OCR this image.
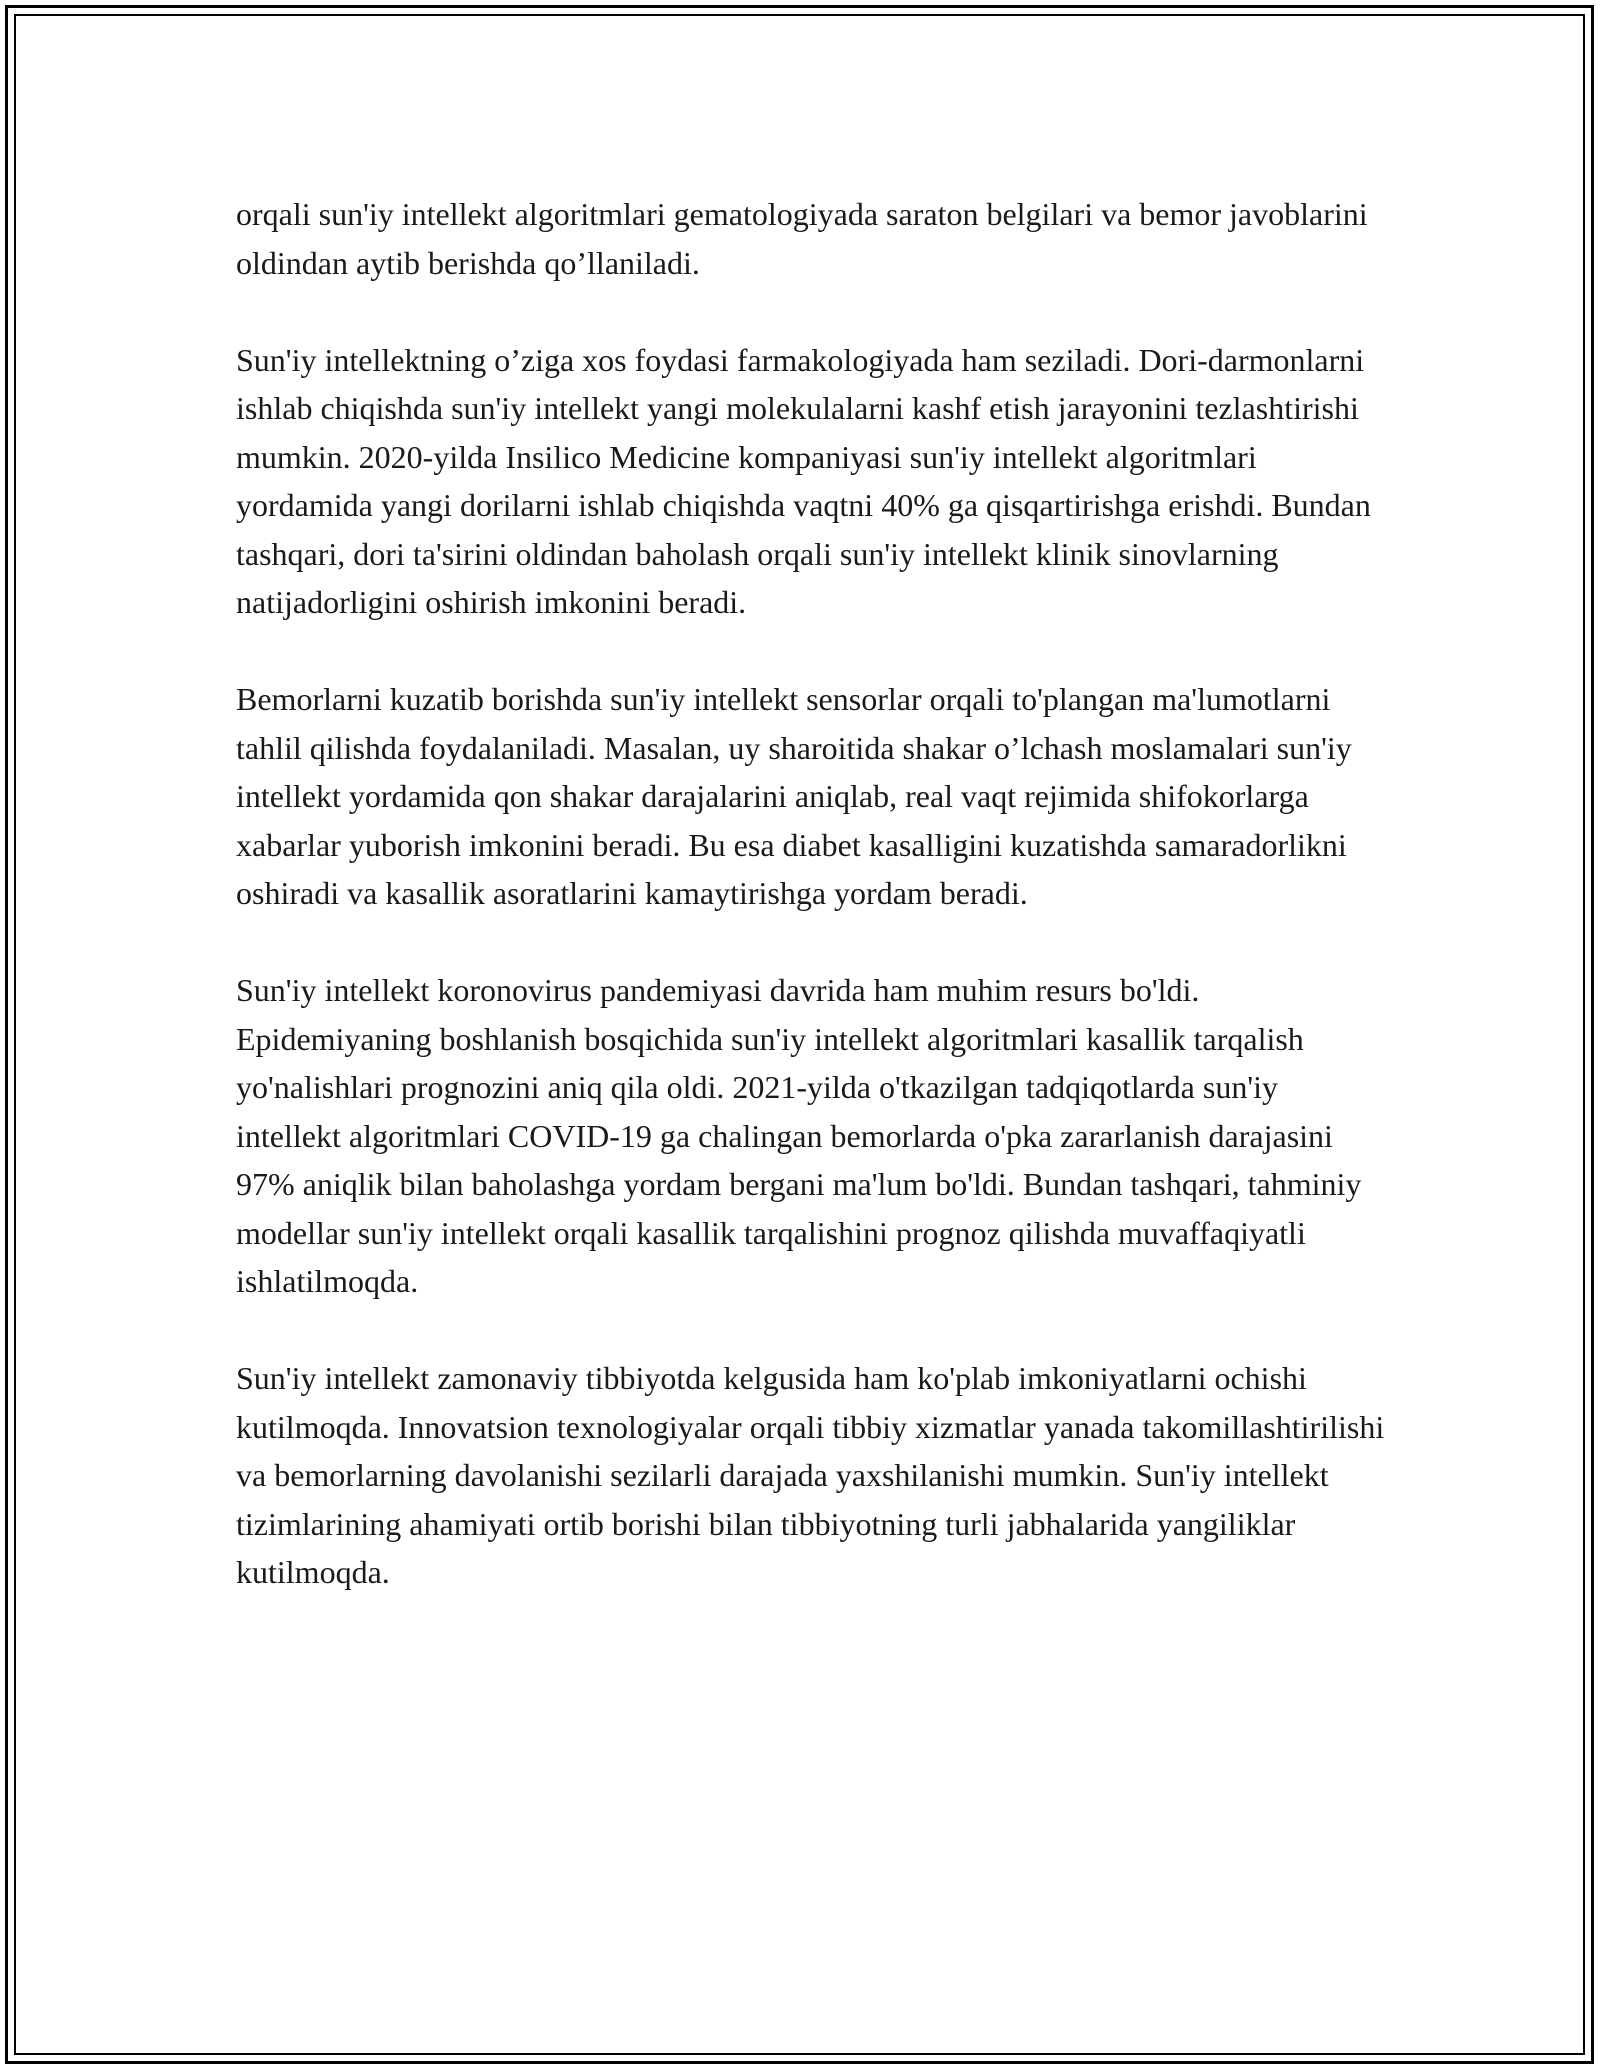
orqali sun'iy intellekt algoritmlari gematologiyada saraton belgilari va bemor javoblarini oldindan aytib berishda qo’llaniladi.

Sun'iy intellektning o’ziga xos foydasi farmakologiyada ham seziladi. Dori-darmonlarni ishlab chiqishda sun'iy intellekt yangi molekulalarni kashf etish jarayonini tezlashtirishi mumkin. 2020-yilda Insilico Medicine kompaniyasi sun'iy intellekt algoritmlari yordamida yangi dorilarni ishlab chiqishda vaqtni 40% ga qisqartirishga erishdi. Bundan tashqari, dori ta'sirini oldindan baholash orqali sun'iy intellekt klinik sinovlarning natijadorligini oshirish imkonini beradi.

Bemorlarni kuzatib borishda sun'iy intellekt sensorlar orqali to'plangan ma'lumotlarni tahlil qilishda foydalaniladi. Masalan, uy sharoitida shakar o’lchash moslamalari sun'iy intellekt yordamida qon shakar darajalarini aniqlab, real vaqt rejimida shifokorlarga xabarlar yuborish imkonini beradi. Bu esa diabet kasalligini kuzatishda samaradorlikni oshiradi va kasallik asoratlarini kamaytirishga yordam beradi.

Sun'iy intellekt koronovirus pandemiyasi davrida ham muhim resurs bo'ldi. Epidemiyaning boshlanish bosqichida sun'iy intellekt algoritmlari kasallik tarqalish yo'nalishlari prognozini aniq qila oldi. 2021-yilda o'tkazilgan tadqiqotlarda sun'iy intellekt algoritmlari COVID-19 ga chalingan bemorlarda o'pka zararlanish darajasini 97% aniqlik bilan baholashga yordam bergani ma'lum bo'ldi. Bundan tashqari, tahminiy modellar sun'iy intellekt orqali kasallik tarqalishini prognoz qilishda muvaffaqiyatli ishlatilmoqda.

Sun'iy intellekt zamonaviy tibbiyotda kelgusida ham ko'plab imkoniyatlarni ochishi kutilmoqda. Innovatsion texnologiyalar orqali tibbiy xizmatlar yanada takomillashtirilishi va bemorlarning davolanishi sezilarli darajada yaxshilanishi mumkin. Sun'iy intellekt tizimlarining ahamiyati ortib borishi bilan tibbiyotning turli jabhalarida yangiliklar kutilmoqda.
